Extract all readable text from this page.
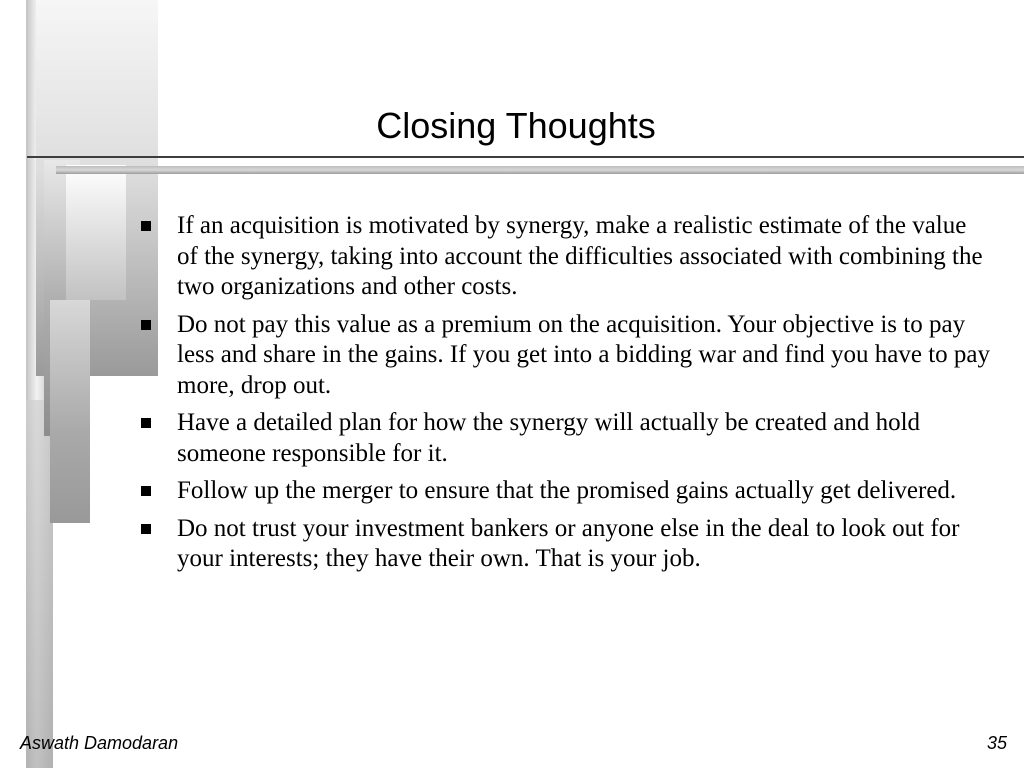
Closing Thoughts
If an acquisition is motivated by synergy, make a realistic estimate of the value of the synergy, taking into account the difficulties associated with combining the two organizations and other costs.
Do not pay this value as a premium on the acquisition. Your objective is to pay less and share in the gains. If you get into a bidding war and find you have to pay more, drop out.
Have a detailed plan for how the synergy will actually be created and hold someone responsible for it.
Follow up the merger to ensure that the promised gains actually get delivered.
Do not trust your investment bankers or anyone else in the deal to look out for your interests; they have their own. That is your job.
Aswath Damodaran	35
